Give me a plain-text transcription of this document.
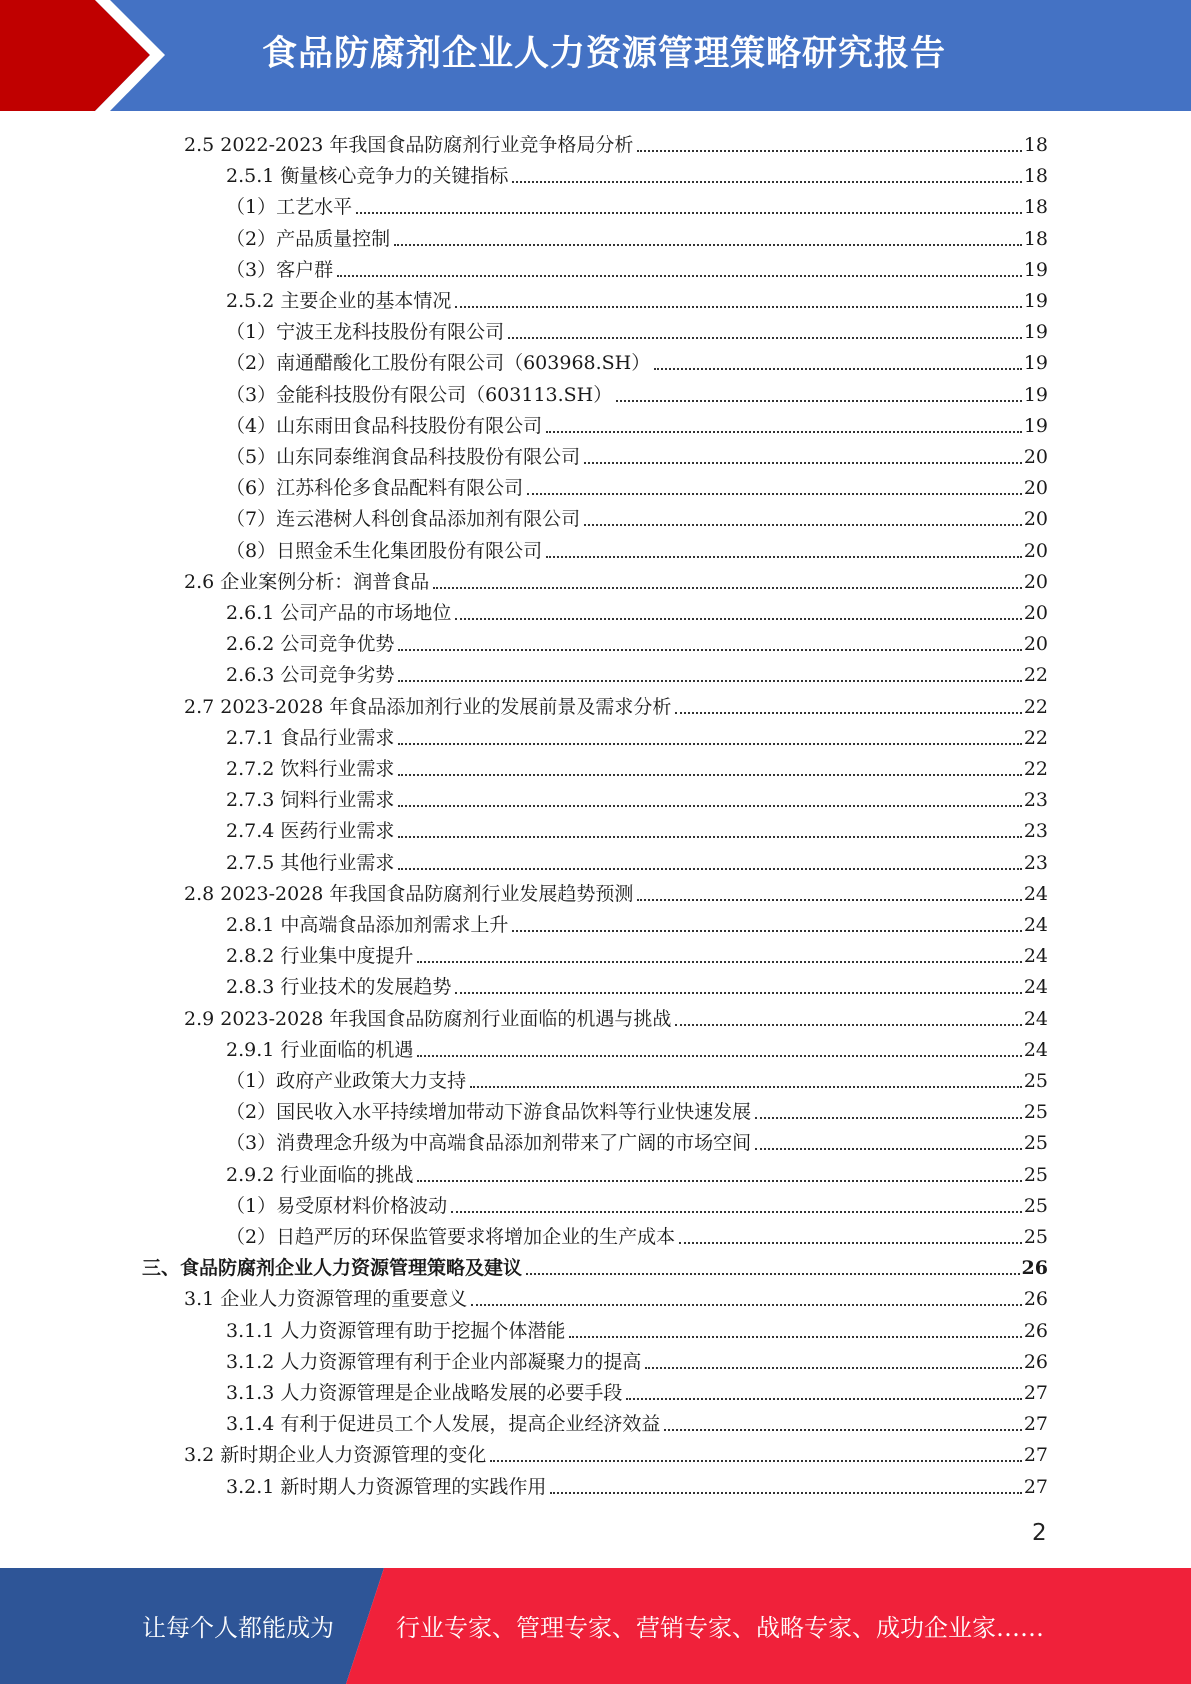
食品防腐剂企业人力资源管理策略研究报告
2.5 2022-2023 年我国食品防腐剂行业竞争格局分析	18
2.5.1 衡量核心竞争力的关键指标	18
（1）工艺水平	18
（2）产品质量控制	18
（3）客户群	19
2.5.2 主要企业的基本情况	19
（1）宁波王龙科技股份有限公司	19
（2）南通醋酸化工股份有限公司（603968.SH）	19
（3）金能科技股份有限公司（603113.SH）	19
（4）山东雨田食品科技股份有限公司	19
（5）山东同泰维润食品科技股份有限公司	20
（6）江苏科伦多食品配料有限公司	20
（7）连云港树人科创食品添加剂有限公司	20
（8）日照金禾生化集团股份有限公司	20
2.6 企业案例分析：润普食品	20
2.6.1 公司产品的市场地位	20
2.6.2 公司竞争优势	20
2.6.3 公司竞争劣势	22
2.7 2023-2028 年食品添加剂行业的发展前景及需求分析	22
2.7.1 食品行业需求	22
2.7.2 饮料行业需求	22
2.7.3 饲料行业需求	23
2.7.4 医药行业需求	23
2.7.5 其他行业需求	23
2.8 2023-2028 年我国食品防腐剂行业发展趋势预测	24
2.8.1 中高端食品添加剂需求上升	24
2.8.2 行业集中度提升	24
2.8.3 行业技术的发展趋势	24
2.9 2023-2028 年我国食品防腐剂行业面临的机遇与挑战	24
2.9.1 行业面临的机遇	24
（1）政府产业政策大力支持	25
（2）国民收入水平持续增加带动下游食品饮料等行业快速发展	25
（3）消费理念升级为中高端食品添加剂带来了广阔的市场空间	25
2.9.2 行业面临的挑战	25
（1）易受原材料价格波动	25
（2）日趋严厉的环保监管要求将增加企业的生产成本	25
三、食品防腐剂企业人力资源管理策略及建议	26
3.1 企业人力资源管理的重要意义	26
3.1.1 人力资源管理有助于挖掘个体潜能	26
3.1.2 人力资源管理有利于企业内部凝聚力的提高	26
3.1.3 人力资源管理是企业战略发展的必要手段	27
3.1.4 有利于促进员工个人发展，提高企业经济效益	27
3.2 新时期企业人力资源管理的变化	27
3.2.1 新时期人力资源管理的实践作用	27
2
让每个人都能成为	行业专家、管理专家、营销专家、战略专家、成功企业家……
